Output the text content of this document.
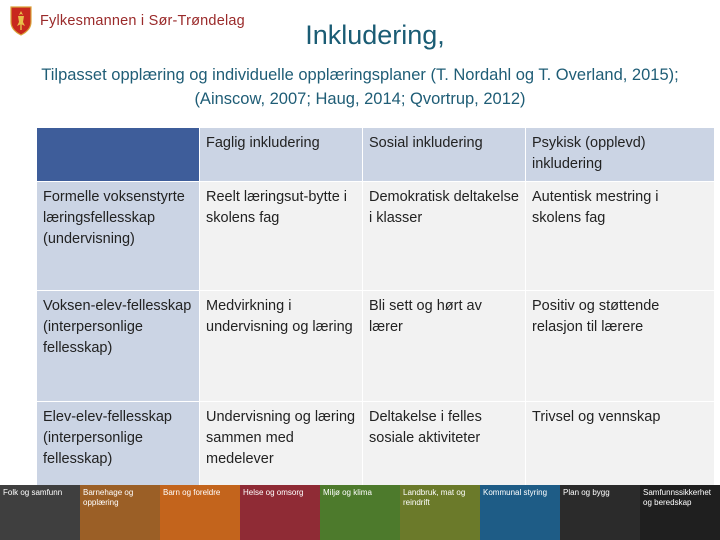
Fylkesmannen i Sør-Trøndelag	Inkludering,
Tilpasset opplæring og individuelle opplæringsplaner (T. Nordahl og T. Overland, 2015); (Ainscow, 2007; Haug, 2014; Qvortrup, 2012)
	Faglig inkludering	Sosial inkludering	Psykisk (opplevd) inkludering
Formelle voksenstyrte læringsfellesskap (undervisning)	Reelt læringsut-bytte i skolens fag	Demokratisk deltakelse i klasser	Autentisk mestring i skolens fag
Voksen-elev-fellesskap (interpersonlige fellesskap)	Medvirkning i undervisning og læring	Bli sett og hørt av lærer	Positiv og støttende relasjon til lærere
Elev-elev-fellesskap (interpersonlige fellesskap)	Undervisning og læring sammen med medelever	Deltakelse i felles sosiale aktiviteter	Trivsel og vennskap
Folk og samfunn	Barnehage og opplæring
Barn og foreldre	Helse og omsorg	Miljø og klima	Landbruk, mat og reindrift
Kommunal styring	Plan og bygg	Samfunnssikkerhet og beredskap
